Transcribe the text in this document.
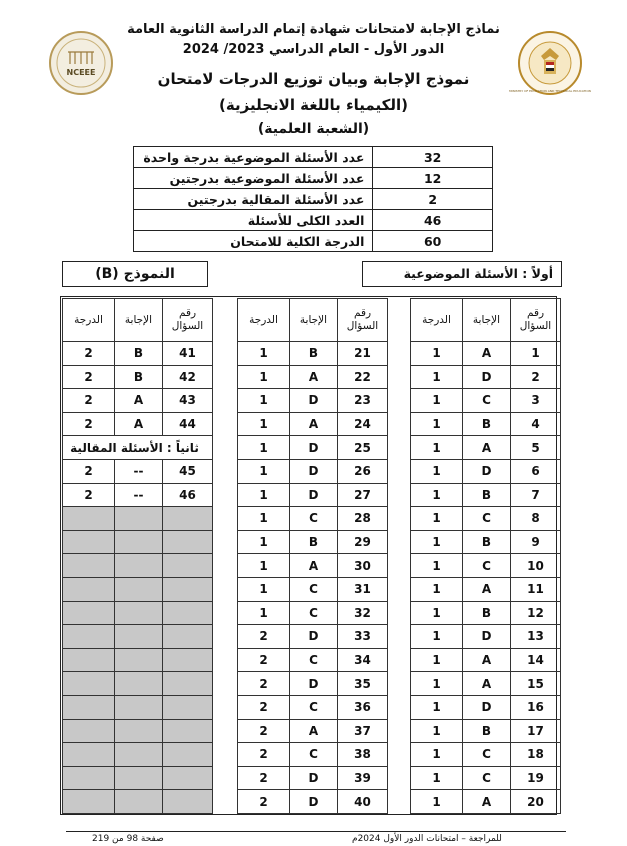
NCEEE
MINISTRY OF EDUCATION AND TECHNICAL EDUCATION
نماذج الإجابة لامتحانات شهادة إتمام الدراسة الثانوية العامة
الدور الأول - العام الدراسي 2023/ 2024
نموذج الإجابة وبيان توزيع الدرجات لامتحان
(الكيمياء باللغة الانجليزية)
(الشعبة العلمية)
عدد الأسئلة الموضوعية بدرجة واحدة	32
عدد الأسئلة الموضوعية بدرجتين	12
عدد الأسئلة المقالية بدرجتين	2
العدد الكلى للأسئلة	46
الدرجة الكلية للامتحان	60
النموذج (B)	أولاً : الأسئلة الموضوعية
الدرجة	الإجابة	رقم السؤال
2	B	41
2	B	42
2	A	43
2	A	44
ثانياً : الأسئلة المقالية		
2	--	45
2	--	46

الدرجة	الإجابة	رقم السؤال
1	B	21
1	A	22
1	D	23
1	A	24
1	D	25
1	D	26
1	D	27
1	C	28
1	B	29
1	A	30
1	C	31
1	C	32
2	D	33
2	C	34
2	D	35
2	C	36
2	A	37
2	C	38
2	D	39
2	D	40
الدرجة	الإجابة	رقم السؤال
1	A	1
1	D	2
1	C	3
1	B	4
1	A	5
1	D	6
1	B	7
1	C	8
1	B	9
1	C	10
1	A	11
1	B	12
1	D	13
1	A	14
1	A	15
1	D	16
1	B	17
1	C	18
1	C	19
1	A	20
للمراجعة – امتحانات الدور الأول 2024م
صفحة 98 من 219
